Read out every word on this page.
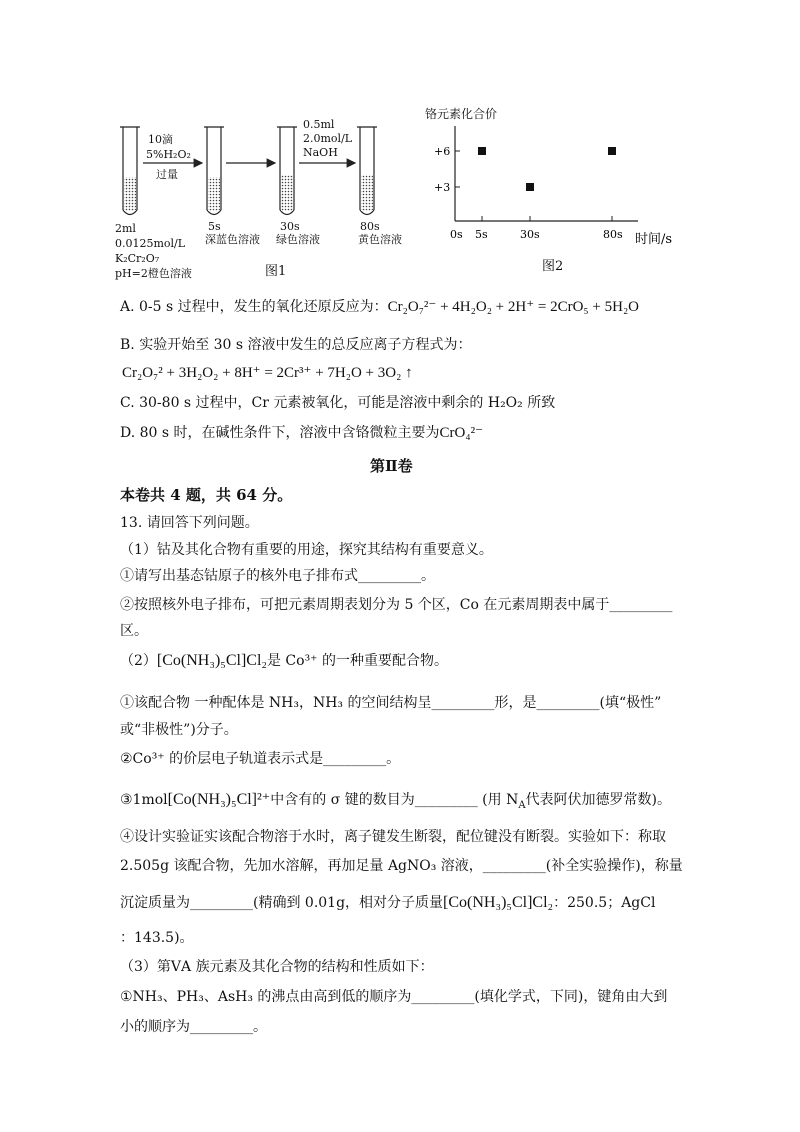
10滴
5%H₂O₂
过量
0.5ml
2.0mol/L
NaOH
2ml
0.0125mol/L
K₂Cr₂O₇
pH=2橙色溶液
5s
深蓝色溶液
30s
绿色溶液
80s
黄色溶液
图1
铬元素化合价
+6
+3
0s 5s	30s	80s 时间/s
图2
A. 0-5 s 过程中，发生的氧化还原反应为：Cr₂O₇²⁻ + 4H₂O₂ + 2H⁺ = 2CrO₅ + 5H₂O
B. 实验开始至 30 s 溶液中发生的总反应离子方程式为：
Cr₂O₇² + 3H₂O₂ + 8H⁺ = 2Cr³⁺ + 7H₂O + 3O₂ ↑
C. 30-80 s 过程中，Cr 元素被氧化，可能是溶液中剩余的 H₂O₂ 所致
D. 80 s 时，在碱性条件下，溶液中含铬微粒主要为CrO₄²⁻
第Ⅱ卷
本卷共 4 题，共 64 分。
13. 请回答下列问题。
（1）钴及其化合物有重要的用途，探究其结构有重要意义。
①请写出基态钴原子的核外电子排布式_________。
②按照核外电子排布，可把元素周期表划分为 5 个区，Co 在元素周期表中属于_________
区。
（2）[Co(NH₃)₅Cl]Cl₂是 Co³⁺ 的一种重要配合物。
①该配合物 一种配体是 NH₃，NH₃ 的空间结构呈_________形，是_________(填“极性”
或“非极性”)分子。
②Co³⁺ 的价层电子轨道表示式是_________。
③1mol[Co(NH₃)₅Cl]²⁺中含有的 σ 键的数目为_________ (用 $N_A$代表阿伏加德罗常数)。
④设计实验证实该配合物溶于水时，离子键发生断裂，配位键没有断裂。实验如下：称取
2.505g 该配合物，先加水溶解，再加足量 AgNO₃ 溶液，_________(补全实验操作)，称量
沉淀质量为_________(精确到 0.01g，相对分子质量[Co(NH₃)₅Cl]Cl₂：250.5；AgCl
：143.5)。
（3）第ⅤA 族元素及其化合物的结构和性质如下：
①NH₃、PH₃、AsH₃ 的沸点由高到低的顺序为_________(填化学式，下同)，键角由大到
小的顺序为_________。
